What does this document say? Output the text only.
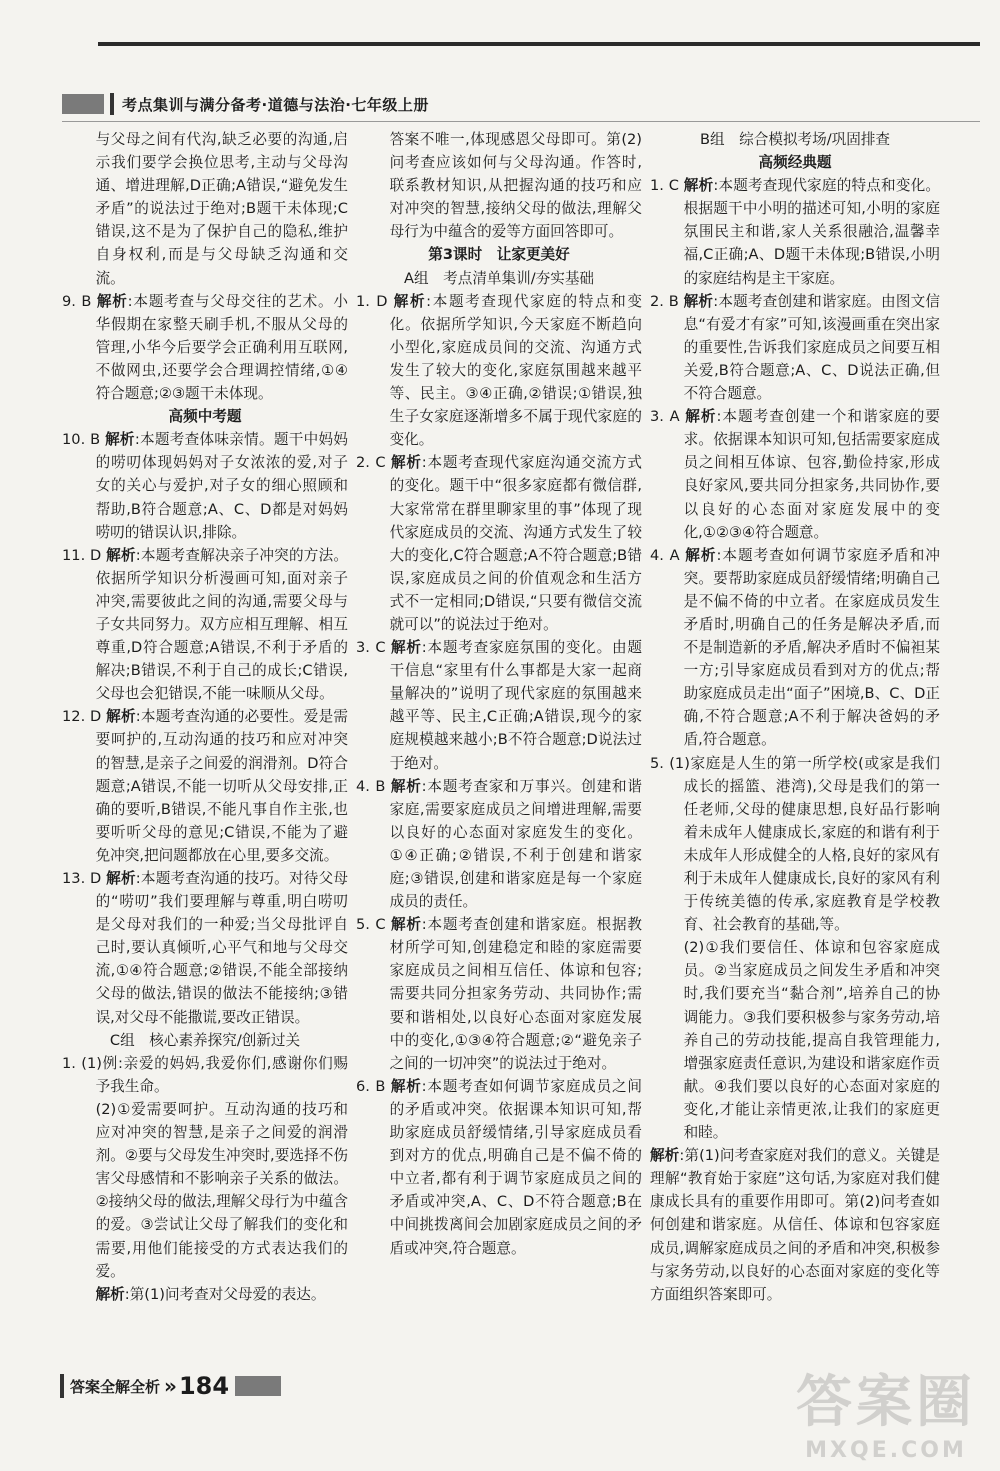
考点集训与满分备考·道德与法治·七年级上册

与父母之间有代沟,缺乏必要的沟通,启示我们要学会换位思考,主动与父母沟通、增进理解,D正确;A错误,“避免发生矛盾”的说法过于绝对;B题干未体现;C错误,这不是为了保护自己的隐私,维护自身权利,而是与父母缺乏沟通和交流。

9. B 解析:本题考查与父母交往的艺术。小华假期在家整天刷手机,不服从父母的管理,小华今后要学会正确利用互联网,不做网虫,还要学会合理调控情绪,①④符合题意;②③题干未体现。

高频中考题

10. B 解析:本题考查体味亲情。题干中妈妈的唠叨体现妈妈对子女浓浓的爱,对子女的关心与爱护,对子女的细心照顾和帮助,B符合题意;A、C、D都是对妈妈唠叨的错误认识,排除。

11. D 解析:本题考查解决亲子冲突的方法。依据所学知识分析漫画可知,面对亲子冲突,需要彼此之间的沟通,需要父母与子女共同努力。双方应相互理解、相互尊重,D符合题意;A错误,不利于矛盾的解决;B错误,不利于自己的成长;C错误,父母也会犯错误,不能一味顺从父母。

12. D 解析:本题考查沟通的必要性。爱是需要呵护的,互动沟通的技巧和应对冲突的智慧,是亲子之间爱的润滑剂。D符合题意;A错误,不能一切听从父母安排,正确的要听,B错误,不能凡事自作主张,也要听听父母的意见;C错误,不能为了避免冲突,把问题都放在心里,要多交流。

13. D 解析:本题考查沟通的技巧。对待父母的“唠叨”我们要理解与尊重,明白唠叨是父母对我们的一种爱;当父母批评自己时,要认真倾听,心平气和地与父母交流,①④符合题意;②错误,不能全部接纳父母的做法,错误的做法不能接纳;③错误,对父母不能撒谎,要改正错误。

C组　核心素养探究/创新过关

1. (1)例:亲爱的妈妈,我爱你们,感谢你们赐予我生命。

(2)①爱需要呵护。互动沟通的技巧和应对冲突的智慧,是亲子之间爱的润滑剂。②要与父母发生冲突时,要选择不伤害父母感情和不影响亲子关系的做法。②接纳父母的做法,理解父母行为中蕴含的爱。③尝试让父母了解我们的变化和需要,用他们能接受的方式表达我们的爱。

解析:第(1)问考查对父母爱的表达。

答案不唯一,体现感恩父母即可。第(2)问考查应该如何与父母沟通。作答时,联系教材知识,从把握沟通的技巧和应对冲突的智慧,接纳父母的做法,理解父母行为中蕴含的爱等方面回答即可。

第3课时　让家更美好

A组　考点清单集训/夯实基础

1. D 解析:本题考查现代家庭的特点和变化。依据所学知识,今天家庭不断趋向小型化,家庭成员间的交流、沟通方式发生了较大的变化,家庭氛围越来越平等、民主。③④正确,②错误;①错误,独生子女家庭逐渐增多不属于现代家庭的变化。

2. C 解析:本题考查现代家庭沟通交流方式的变化。题干中“很多家庭都有微信群,大家常常在群里聊家里的事”体现了现代家庭成员的交流、沟通方式发生了较大的变化,C符合题意;A不符合题意;B错误,家庭成员之间的价值观念和生活方式不一定相同;D错误,“只要有微信交流就可以”的说法过于绝对。

3. C 解析:本题考查家庭氛围的变化。由题干信息“家里有什么事都是大家一起商量解决的”说明了现代家庭的氛围越来越平等、民主,C正确;A错误,现今的家庭规模越来越小;B不符合题意;D说法过于绝对。

4. B 解析:本题考查家和万事兴。创建和谐家庭,需要家庭成员之间增进理解,需要以良好的心态面对家庭发生的变化。①④正确;②错误,不利于创建和谐家庭;③错误,创建和谐家庭是每一个家庭成员的责任。

5. C 解析:本题考查创建和谐家庭。根据教材所学可知,创建稳定和睦的家庭需要家庭成员之间相互信任、体谅和包容;需要共同分担家务劳动、共同协作;需要和谐相处,以良好心态面对家庭发展中的变化,①③④符合题意;②“避免亲子之间的一切冲突”的说法过于绝对。

6. B 解析:本题考查如何调节家庭成员之间的矛盾或冲突。依据课本知识可知,帮助家庭成员舒缓情绪,引导家庭成员看到对方的优点,明确自己是不偏不倚的中立者,都有利于调节家庭成员之间的矛盾或冲突,A、C、D不符合题意;B在中间挑拨离间会加剧家庭成员之间的矛盾或冲突,符合题意。

B组　综合模拟考场/巩固排查

高频经典题

1. C 解析:本题考查现代家庭的特点和变化。根据题干中小明的描述可知,小明的家庭氛围民主和谐,家人关系很融洽,温馨幸福,C正确;A、D题干未体现;B错误,小明的家庭结构是主干家庭。

2. B 解析:本题考查创建和谐家庭。由图文信息“有爱才有家”可知,该漫画重在突出家的重要性,告诉我们家庭成员之间要互相关爱,B符合题意;A、C、D说法正确,但不符合题意。

3. A 解析:本题考查创建一个和谐家庭的要求。依据课本知识可知,包括需要家庭成员之间相互体谅、包容,勤俭持家,形成良好家风,要共同分担家务,共同协作,要以良好的心态面对家庭发展中的变化,①②③④符合题意。

4. A 解析:本题考查如何调节家庭矛盾和冲突。要帮助家庭成员舒缓情绪;明确自己是不偏不倚的中立者。在家庭成员发生矛盾时,明确自己的任务是解决矛盾,而不是制造新的矛盾,解决矛盾时不偏袒某一方;引导家庭成员看到对方的优点;帮助家庭成员走出“面子”困境,B、C、D正确,不符合题意;A不利于解决爸妈的矛盾,符合题意。

5. (1)家庭是人生的第一所学校(或家是我们成长的摇篮、港湾),父母是我们的第一任老师,父母的健康思想,良好品行影响着未成年人健康成长,家庭的和谐有利于未成年人形成健全的人格,良好的家风有利于未成年人健康成长,良好的家风有利于传统美德的传承,家庭教育是学校教育、社会教育的基础,等。

(2)①我们要信任、体谅和包容家庭成员。②当家庭成员之间发生矛盾和冲突时,我们要充当“黏合剂”,培养自己的协调能力。③我们要积极参与家务劳动,培养自己的劳动技能,提高自我管理能力,增强家庭责任意识,为建设和谐家庭作贡献。④我们要以良好的心态面对家庭的变化,才能让亲情更浓,让我们的家庭更和睦。

解析:第(1)问考查家庭对我们的意义。关键是理解“教育始于家庭”这句话,为家庭对我们健康成长具有的重要作用即可。第(2)问考查如何创建和谐家庭。从信任、体谅和包容家庭成员,调解家庭成员之间的矛盾和冲突,积极参与家务劳动,以良好的心态面对家庭的变化等方面组织答案即可。

答案全解全析 » 184	答案圈
MXQE.COM
